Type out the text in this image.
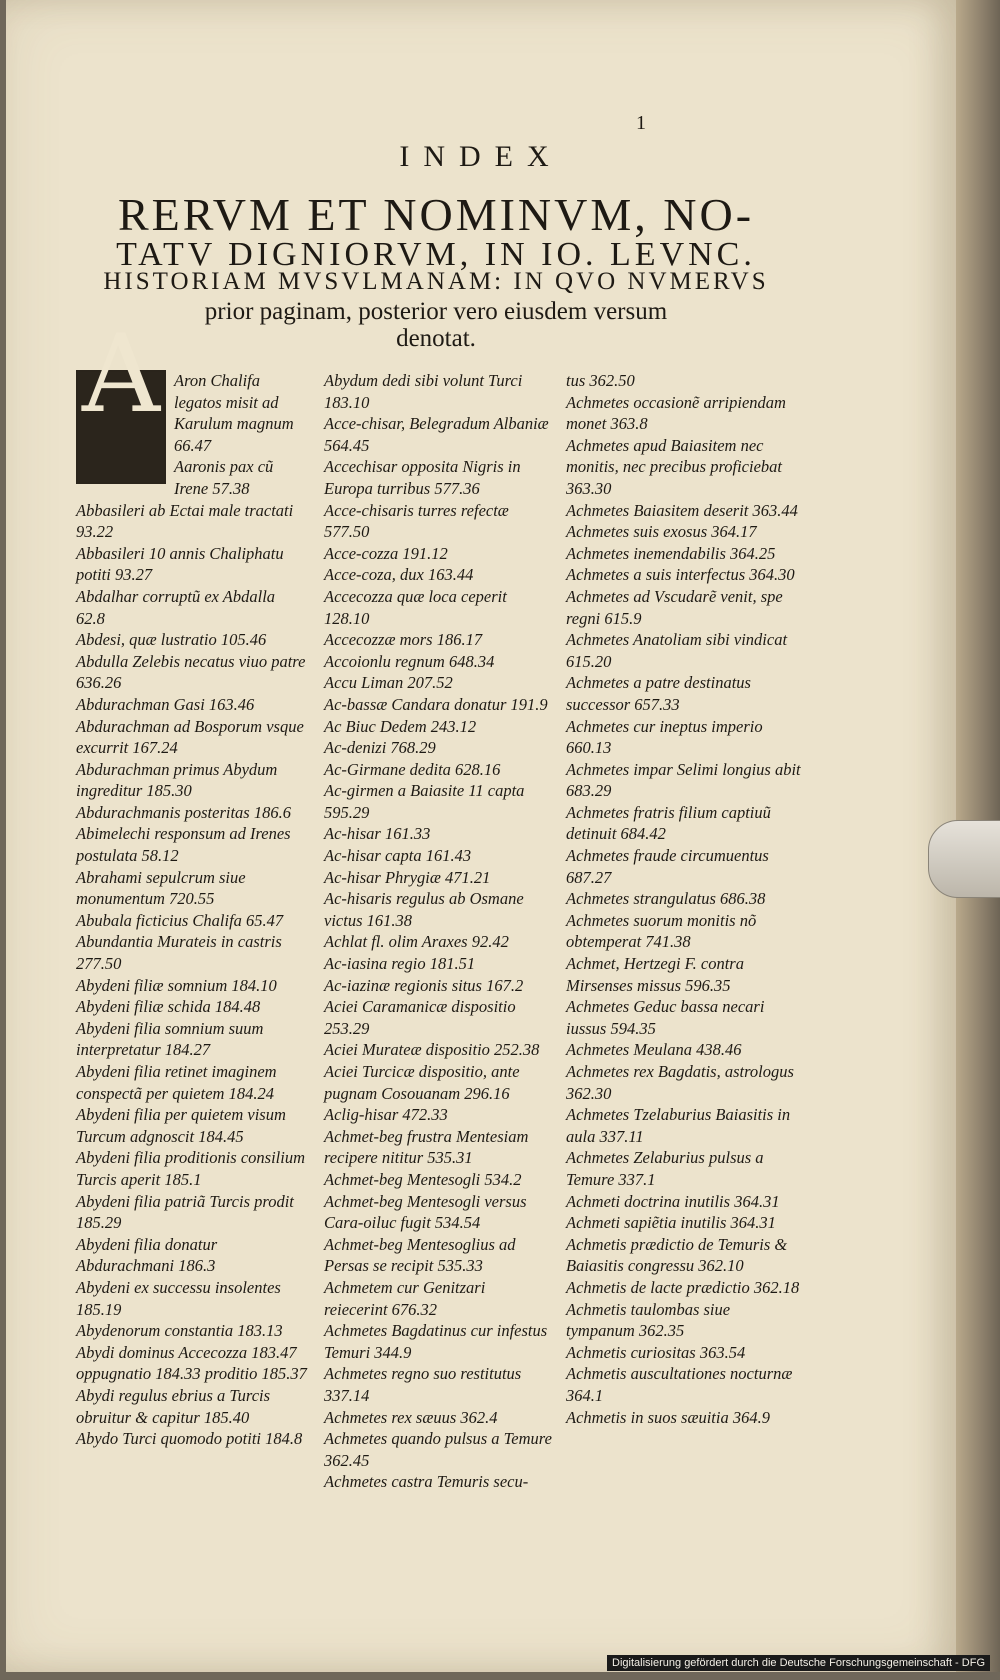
1
INDEX
RERVM ET NOMINVM, NO-
TATV DIGNIORVM, IN IO. LEVNC.
HISTORIAM MVSVLMANAM: IN QVO NVMERVS
prior paginam, posterior vero eiusdem versum
denotat.
A Aron Chalifa legatos misit ad Karulum magnum 66.47

Aaronis pax cũ Irene 57.38

Abbasileri ab Ectai male tractati 93.22

Abbasileri 10 annis Chaliphatu potiti 93.27

Abdalhar corruptũ ex Abdalla 62.8

Abdesi, quæ lustratio 105.46

Abdulla Zelebis necatus viuo patre 636.26

Abdurachman Gasi 163.46

Abdurachman ad Bosporum vsque excurrit 167.24

Abdurachman primus Abydum ingreditur 185.30

Abdurachmanis posteritas 186.6

Abimelechi responsum ad Irenes postulata 58.12

Abrahami sepulcrum siue monumentum 720.55

Abubala ficticius Chalifa 65.47

Abundantia Murateis in castris 277.50

Abydeni filiæ somnium 184.10

Abydeni filiæ schida 184.48

Abydeni filia somnium suum interpretatur 184.27

Abydeni filia retinet imaginem conspectã per quietem 184.24

Abydeni filia per quietem visum Turcum adgnoscit 184.45

Abydeni filia proditionis consilium Turcis aperit 185.1

Abydeni filia patriã Turcis prodit 185.29

Abydeni filia donatur Abdurachmani 186.3

Abydeni ex successu insolentes 185.19

Abydenorum constantia 183.13

Abydi dominus Accecozza 183.47 oppugnatio 184.33 proditio 185.37

Abydi regulus ebrius a Turcis obruitur & capitur 185.40

Abydo Turci quomodo potiti 184.8

Abydum dedi sibi volunt Turci 183.10

Acce-chisar, Belegradum Albaniæ 564.45

Accechisar opposita Nigris in Europa turribus 577.36

Acce-chisaris turres refectæ 577.50

Acce-cozza 191.12

Acce-coza, dux 163.44

Accecozza quæ loca ceperit 128.10

Accecozzæ mors 186.17

Accoionlu regnum 648.34

Accu Liman 207.52

Ac-bassæ Candara donatur 191.9

Ac Biuc Dedem 243.12

Ac-denizi 768.29

Ac-Girmane dedita 628.16

Ac-girmen a Baiasite 11 capta 595.29

Ac-hisar 161.33

Ac-hisar capta 161.43

Ac-hisar Phrygiæ 471.21

Ac-hisaris regulus ab Osmane victus 161.38

Achlat fl. olim Araxes 92.42

Ac-iasina regio 181.51

Ac-iazinæ regionis situs 167.2

Aciei Caramanicæ dispositio 253.29

Aciei Murateæ dispositio 252.38

Aciei Turcicæ dispositio, ante pugnam Cosouanam 296.16

Aclig-hisar 472.33

Achmet-beg frustra Mentesiam recipere nititur 535.31

Achmet-beg Mentesogli 534.2

Achmet-beg Mentesogli versus Cara-oiluc fugit 534.54

Achmet-beg Mentesoglius ad Persas se recipit 535.33

Achmetem cur Genitzari reiecerint 676.32

Achmetes Bagdatinus cur infestus Temuri 344.9

Achmetes regno suo restitutus 337.14

Achmetes rex sæuus 362.4

Achmetes quando pulsus a Temure 362.45

Achmetes castra Temuris secu-

tus 362.50

Achmetes occasionẽ arripiendam monet 363.8

Achmetes apud Baiasitem nec monitis, nec precibus proficiebat 363.30

Achmetes Baiasitem deserit 363.44

Achmetes suis exosus 364.17

Achmetes inemendabilis 364.25

Achmetes a suis interfectus 364.30

Achmetes ad Vscudarẽ venit, spe regni 615.9

Achmetes Anatoliam sibi vindicat 615.20

Achmetes a patre destinatus successor 657.33

Achmetes cur ineptus imperio 660.13

Achmetes impar Selimi longius abit 683.29

Achmetes fratris filium captiuũ detinuit 684.42

Achmetes fraude circumuentus 687.27

Achmetes strangulatus 686.38

Achmetes suorum monitis nõ obtemperat 741.38

Achmet, Hertzegi F. contra Mirsenses missus 596.35

Achmetes Geduc bassa necari iussus 594.35

Achmetes Meulana 438.46

Achmetes rex Bagdatis, astrologus 362.30

Achmetes Tzelaburius Baiasitis in aula 337.11

Achmetes Zelaburius pulsus a Temure 337.1

Achmeti doctrina inutilis 364.31

Achmeti sapiẽtia inutilis 364.31

Achmetis prædictio de Temuris & Baiasitis congressu 362.10

Achmetis de lacte prædictio 362.18

Achmetis taulombas siue tympanum 362.35

Achmetis curiositas 363.54

Achmetis auscultationes nocturnæ 364.1

Achmetis in suos sæuitia 364.9

Digitalisierung gefördert durch die Deutsche Forschungsgemeinschaft - DFG
